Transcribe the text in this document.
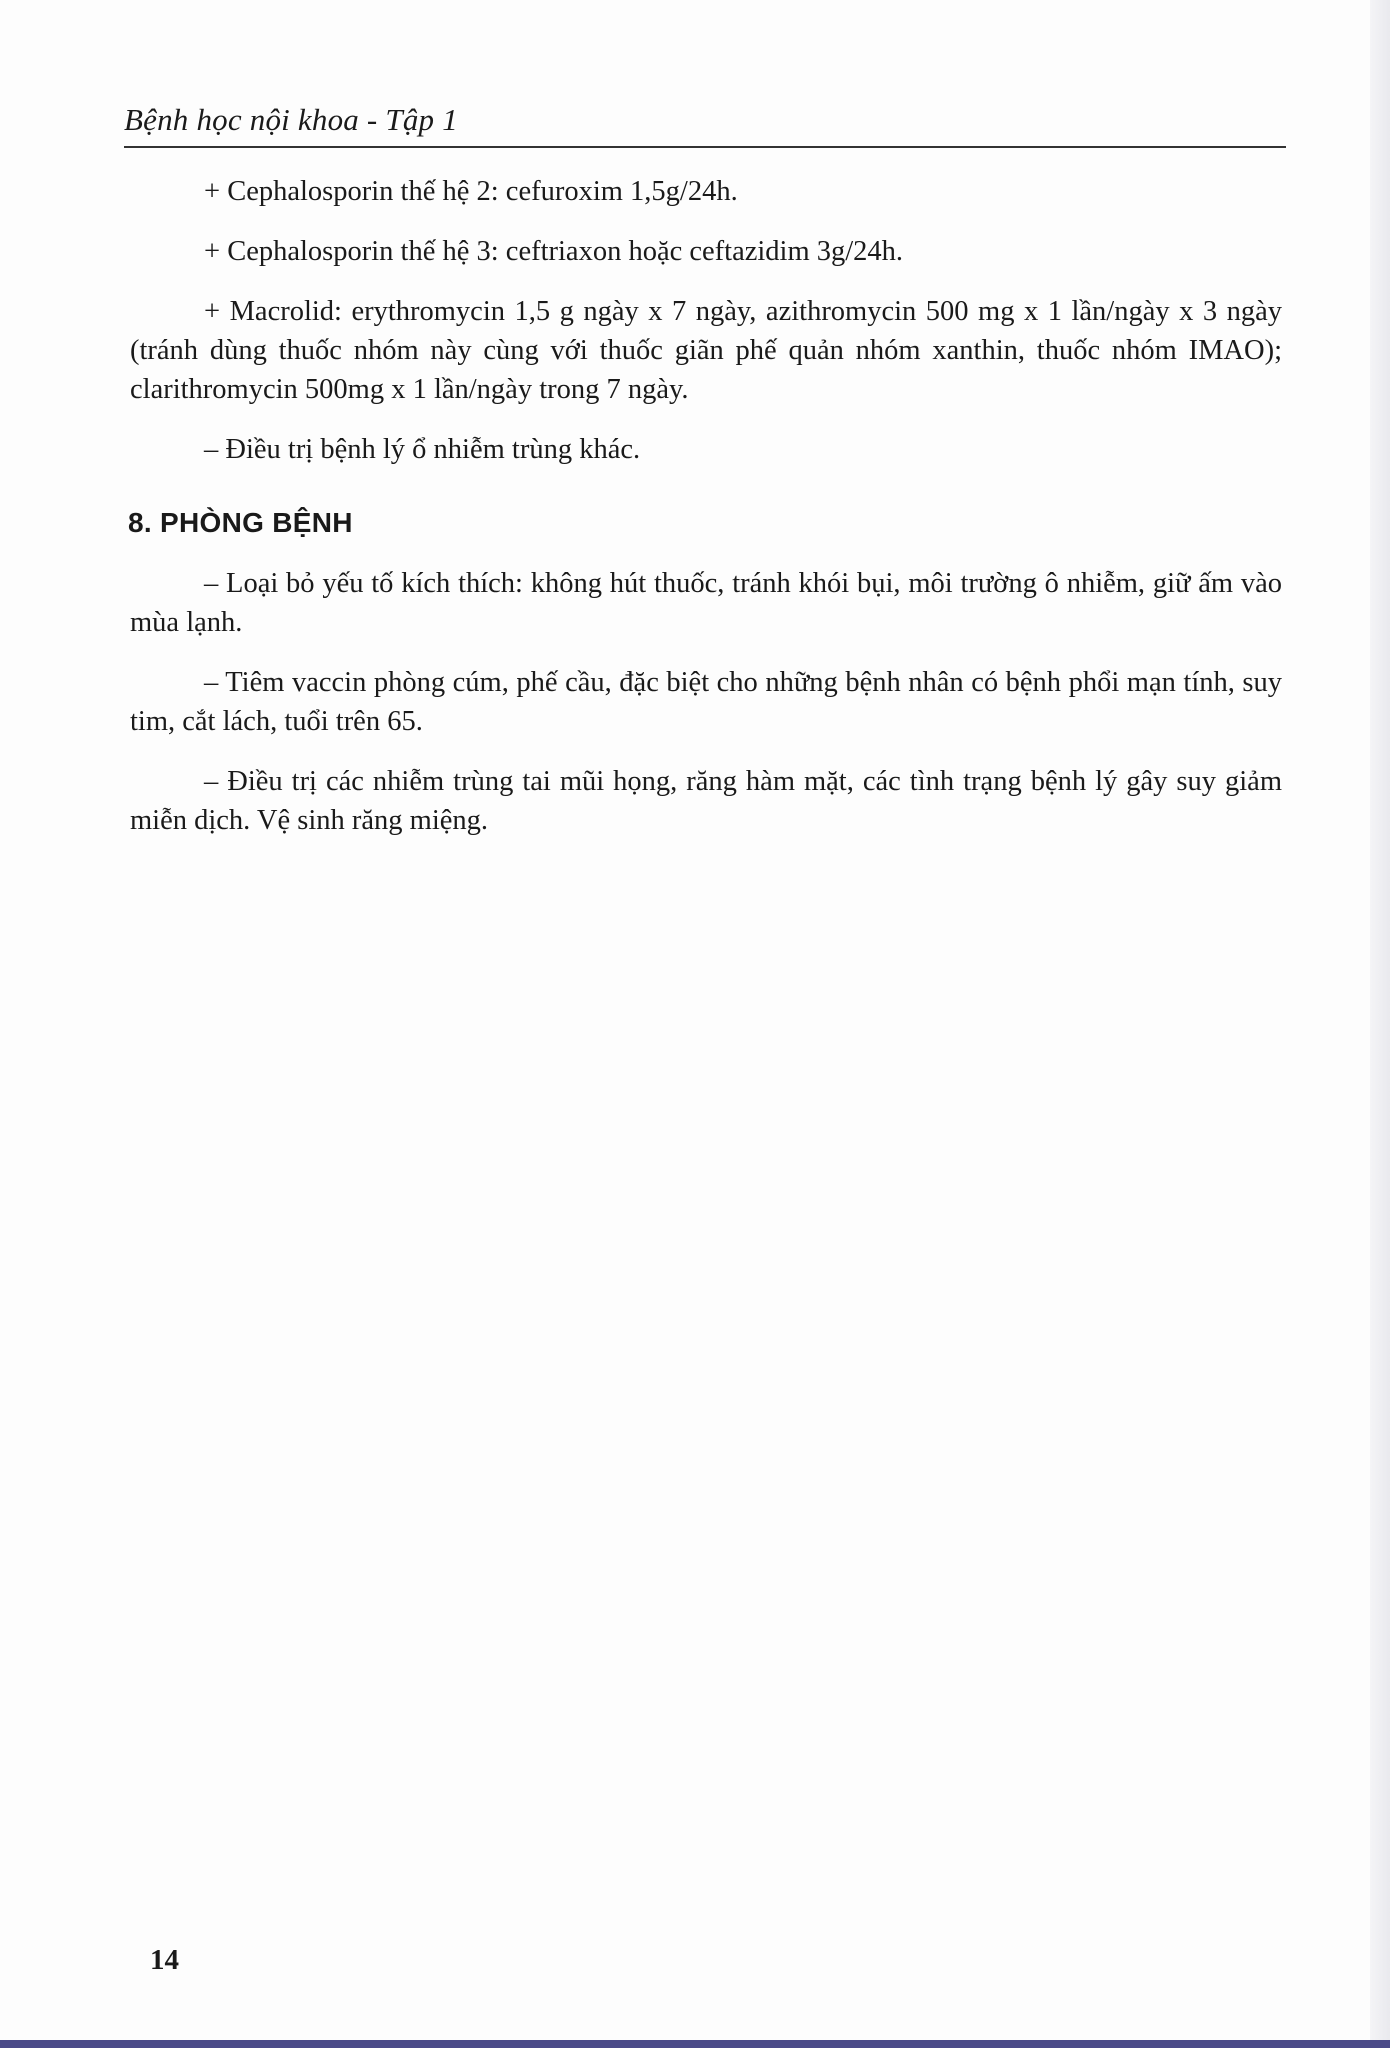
Bệnh học nội khoa - Tập 1

+ Cephalosporin thế hệ 2: cefuroxim 1,5g/24h.

+ Cephalosporin thế hệ 3: ceftriaxon hoặc ceftazidim 3g/24h.

+ Macrolid: erythromycin 1,5 g ngày x 7 ngày, azithromycin 500 mg x 1 lần/ngày x 3 ngày (tránh dùng thuốc nhóm này cùng với thuốc giãn phế quản nhóm xanthin, thuốc nhóm IMAO); clarithromycin 500mg x 1 lần/ngày trong 7 ngày.

– Điều trị bệnh lý ổ nhiễm trùng khác.

8. PHÒNG BỆNH

– Loại bỏ yếu tố kích thích: không hút thuốc, tránh khói bụi, môi trường ô nhiễm, giữ ấm vào mùa lạnh.

– Tiêm vaccin phòng cúm, phế cầu, đặc biệt cho những bệnh nhân có bệnh phổi mạn tính, suy tim, cắt lách, tuổi trên 65.

– Điều trị các nhiễm trùng tai mũi họng, răng hàm mặt, các tình trạng bệnh lý gây suy giảm miễn dịch. Vệ sinh răng miệng.

14
